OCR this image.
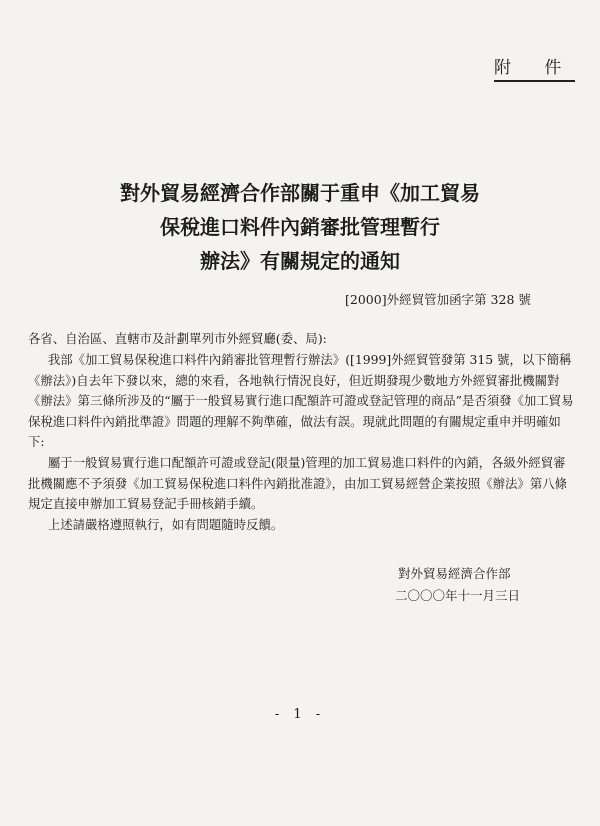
附 件
對外貿易經濟合作部關于重申《加工貿易
保稅進口料件內銷審批管理暫行
辦法》有關規定的通知
[2000]外經貿管加函字第 328 號
各省、自治區、直轄市及計劃單列市外經貿廳(委、局):

我部《加工貿易保稅進口料件內銷審批管理暫行辦法》([1999]外經貿管發第 315 號，以下簡稱《辦法》)自去年下發以來，總的來看，各地執行情況良好，但近期發現少數地方外經貿審批機關對《辦法》第三條所涉及的“屬于一般貿易實行進口配額許可證或登記管理的商品”是否須發《加工貿易保稅進口料件內銷批準證》問題的理解不夠準確，做法有誤。現就此問題的有關規定重申并明確如下:

屬于一般貿易實行進口配額許可證或登記(限量)管理的加工貿易進口料件的內銷，各級外經貿審批機關應不予須發《加工貿易保稅進口料件內銷批准證》，由加工貿易經營企業按照《辦法》第八條規定直接申辦加工貿易登記手冊核銷手續。

上述請嚴格遵照執行，如有問題隨時反饋。

對外貿易經濟合作部
二〇〇〇年十一月三日
- 1 -
